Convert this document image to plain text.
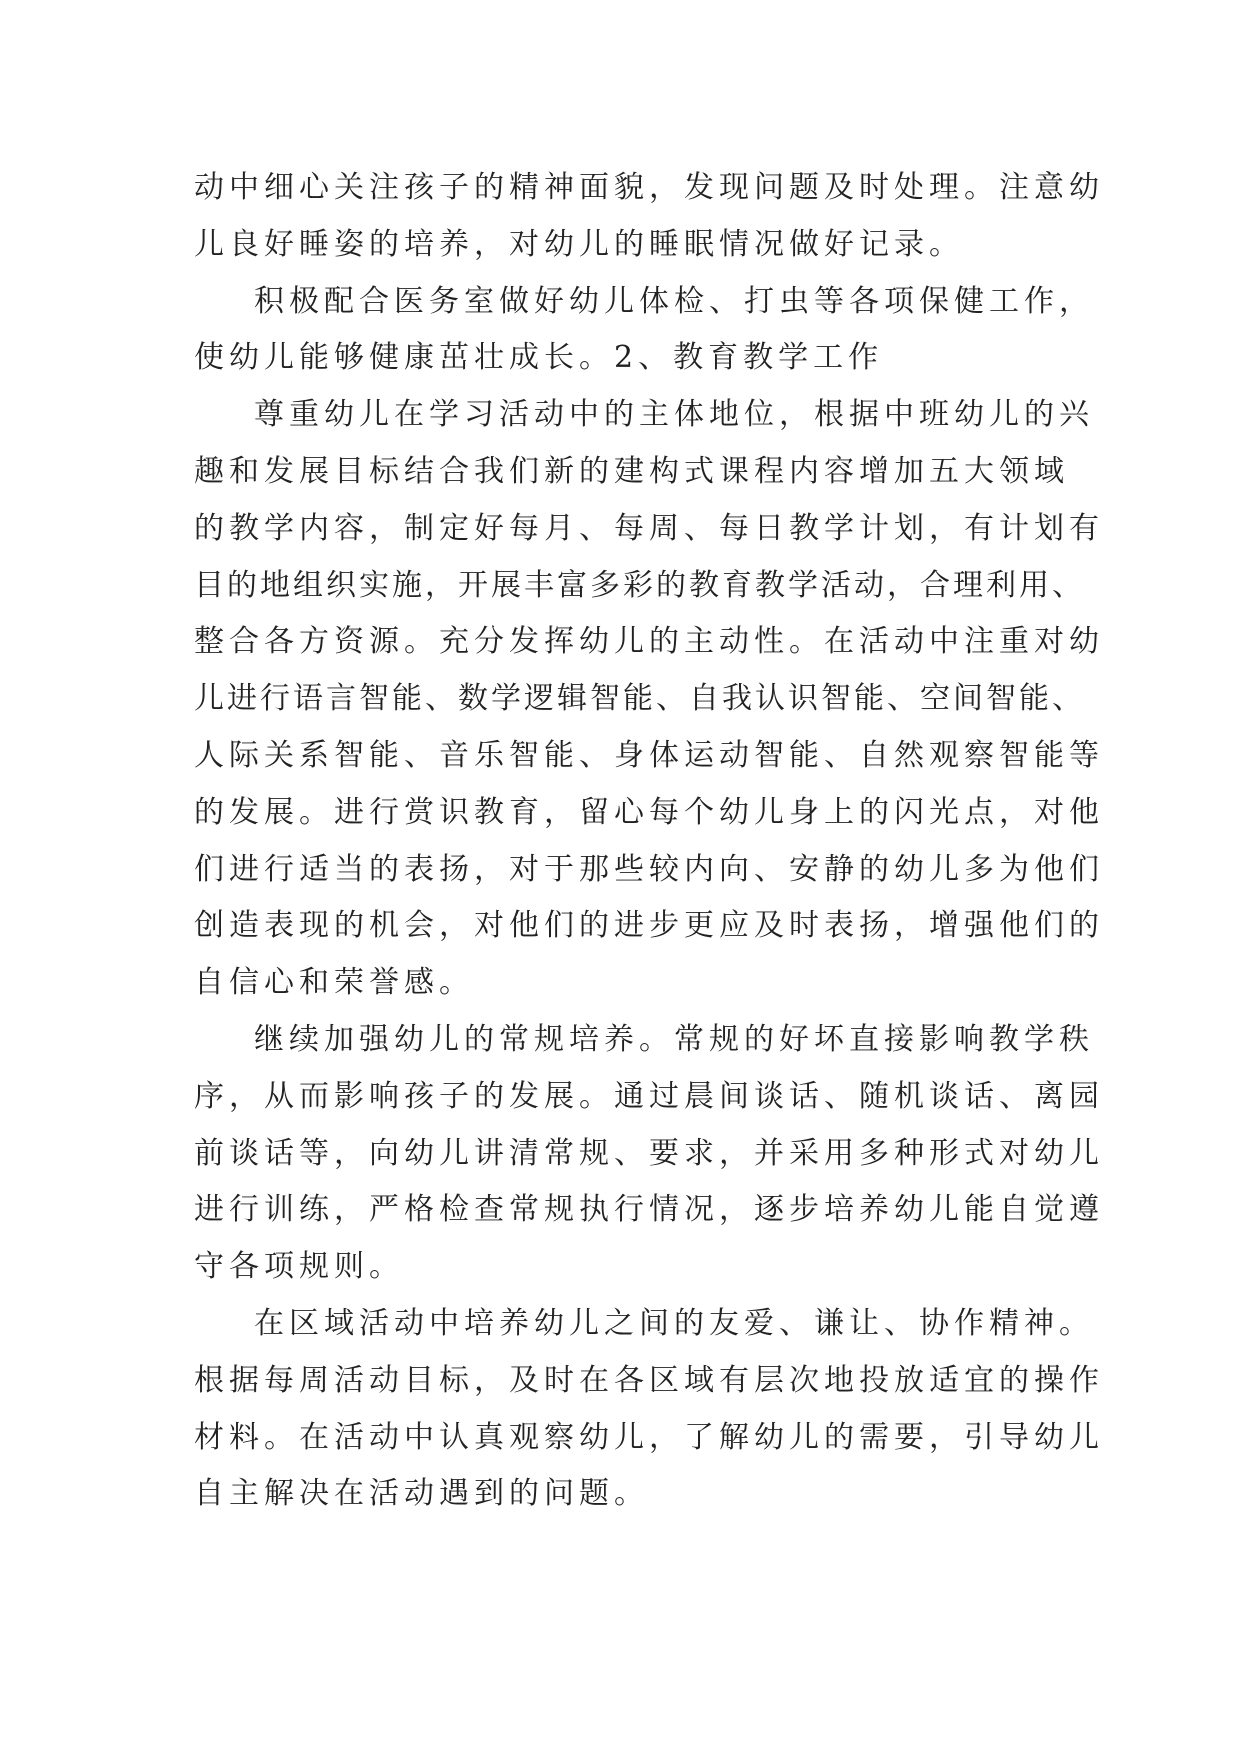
动中细心关注孩子的精神面貌，发现问题及时处理。注意幼
儿良好睡姿的培养，对幼儿的睡眠情况做好记录。
积极配合医务室做好幼儿体检、打虫等各项保健工作，
使幼儿能够健康茁壮成长。2、教育教学工作
尊重幼儿在学习活动中的主体地位，根据中班幼儿的兴
趣和发展目标结合我们新的建构式课程内容增加五大领域
的教学内容，制定好每月、每周、每日教学计划，有计划有
目的地组织实施，开展丰富多彩的教育教学活动，合理利用、
整合各方资源。充分发挥幼儿的主动性。在活动中注重对幼
儿进行语言智能、数学逻辑智能、自我认识智能、空间智能、
人际关系智能、音乐智能、身体运动智能、自然观察智能等
的发展。进行赏识教育，留心每个幼儿身上的闪光点，对他
们进行适当的表扬，对于那些较内向、安静的幼儿多为他们
创造表现的机会，对他们的进步更应及时表扬，增强他们的
自信心和荣誉感。
继续加强幼儿的常规培养。常规的好坏直接影响教学秩
序，从而影响孩子的发展。通过晨间谈话、随机谈话、离园
前谈话等，向幼儿讲清常规、要求，并采用多种形式对幼儿
进行训练，严格检查常规执行情况，逐步培养幼儿能自觉遵
守各项规则。
在区域活动中培养幼儿之间的友爱、谦让、协作精神。
根据每周活动目标，及时在各区域有层次地投放适宜的操作
材料。在活动中认真观察幼儿，了解幼儿的需要，引导幼儿
自主解决在活动遇到的问题。
